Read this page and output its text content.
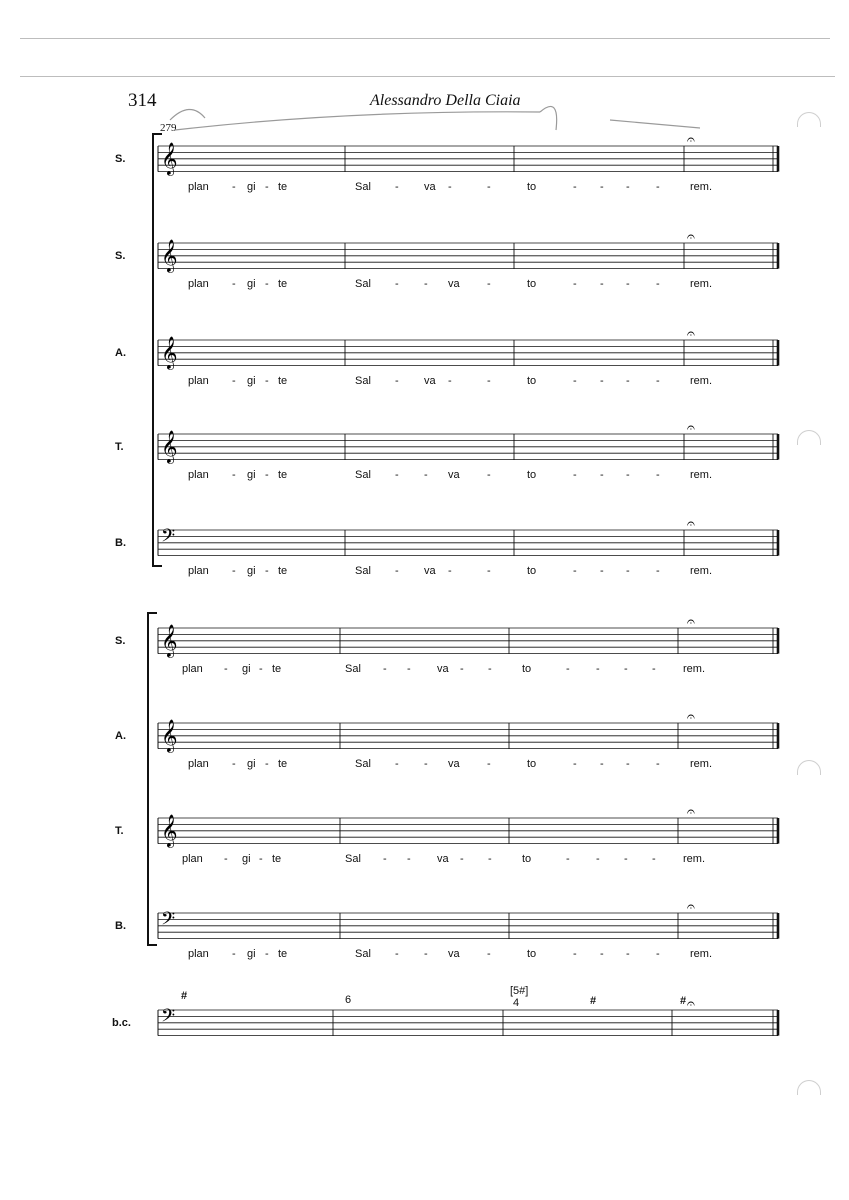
314	Alessandro Della Ciaia
279
𝄞
𝄐
S.
plan - gi - te	Sal - va -	-	to	- - - -	rem.
𝄞
𝄐
S.
plan - gi - te	Sal - - va -	to	- - - -	rem.
𝄞
𝄐
A.
plan - gi - te	Sal - va -	-	to	- - - -	rem.
𝄞
𝄐
T.
plan - gi - te	Sal - - va -	to	- - - -	rem.
𝄢
𝄐
B.
plan - gi - te	Sal - va -	-	to	- - - -	rem.
𝄞
𝄐
S.
plan - gi - te	Sal - - va - -	to	- - - - rem.
𝄞
𝄐
A.
plan - gi - te	Sal - - va -	to	- - - -	rem.
𝄞
𝄐
T.
plan - gi - te	Sal - - va - -	to	- - - - rem.
𝄢
𝄐
B.
plan - gi - te	Sal - - va -	to	- - - -	rem.
𝄢
𝄐
b.c.
#	6
[5#]
4	#	#
